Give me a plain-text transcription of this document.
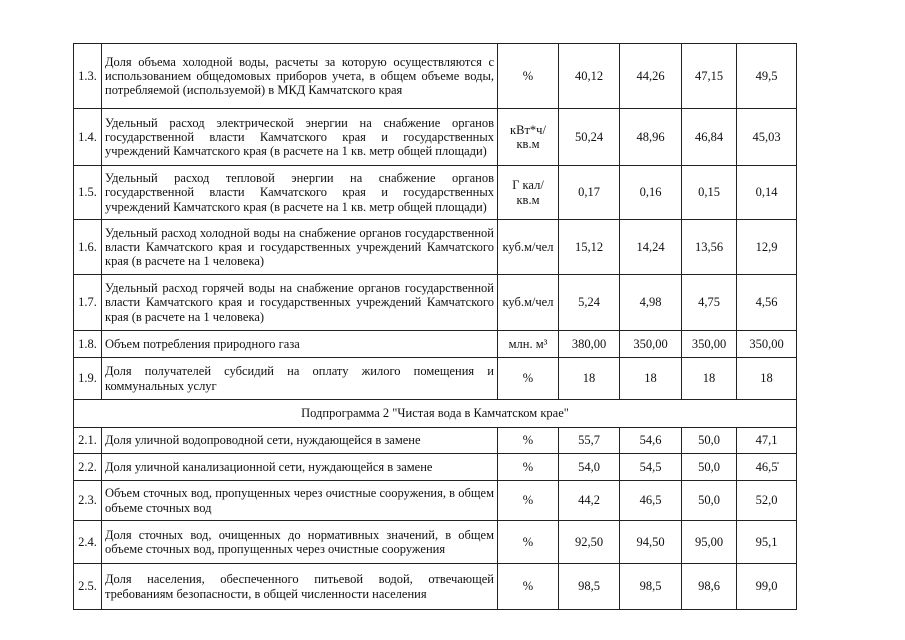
1.3.	Доля объема холодной воды, расчеты за которую осуществляются с использованием общедомовых приборов учета, в общем объеме воды, потребляемой (используемой) в МКД Камчатского края	%	40,12	44,26	47,15	49,5
1.4.	Удельный расход электрической энергии на снабжение органов государственной власти Камчатского края и государственных учреждений Камчатского края (в расчете на 1 кв. метр общей площади)	кВт*ч/кв.м	50,24	48,96	46,84	45,03
1.5.	Удельный расход тепловой энергии на снабжение органов государственной власти Камчатского края и государственных учреждений Камчатского края (в расчете на 1 кв. метр общей площади)	Г кал/кв.м	0,17	0,16	0,15	0,14
1.6.	Удельный расход холодной воды на снабжение органов государственной власти Камчатского края и государственных учреждений Камчатского края (в расчете на 1 человека)	куб.м/чел	15,12	14,24	13,56	12,9
1.7.	Удельный расход горячей воды на снабжение органов государственной власти Камчатского края и государственных учреждений Камчатского края (в расчете на 1 человека)	куб.м/чел	5,24	4,98	4,75	4,56
1.8.	Объем потребления природного газа	млн. м³	380,00	350,00	350,00	350,00
1.9.	Доля получателей субсидий на оплату жилого помещения и коммунальных услуг	%	18	18	18	18
Подпрограмма 2 "Чистая вода в Камчатском крае"						
2.1.	Доля уличной водопроводной сети, нуждающейся в замене	%	55,7	54,6	50,0	47,1
2.2.	Доля уличной канализационной сети, нуждающейся в замене	%	54,0	54,5	50,0	46,5
2.3.	Объем сточных вод, пропущенных через очистные сооружения, в общем объеме сточных вод	%	44,2	46,5	50,0	52,0
2.4.	Доля сточных вод, очищенных до нормативных значений, в общем объеме сточных вод, пропущенных через очистные сооружения	%	92,50	94,50	95,00	95,1
2.5.	Доля населения, обеспеченного питьевой водой, отвечающей требованиям безопасности, в общей численности населения	%	98,5	98,5	98,6	99,0
